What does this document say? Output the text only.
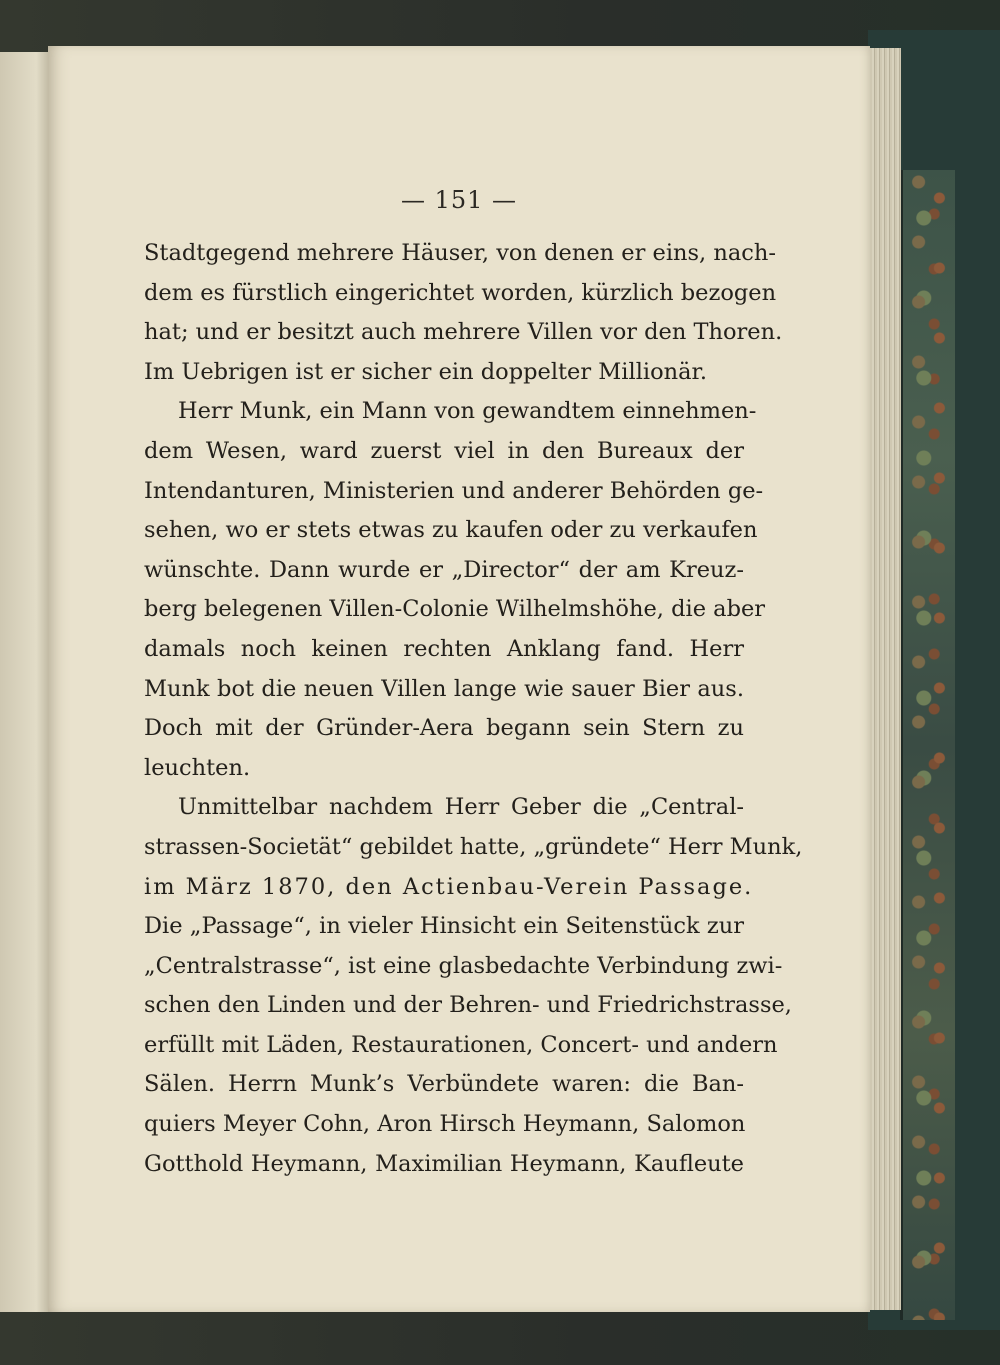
— 151 —
Stadtgegend mehrere Häuser, von denen er eins, nach-
dem es fürstlich eingerichtet worden, kürzlich bezogen
hat; und er besitzt auch mehrere Villen vor den Thoren.
Im Uebrigen ist er sicher ein doppelter Millionär.
Herr Munk, ein Mann von gewandtem einnehmen-
dem Wesen, ward zuerst viel in den Bureaux der
Intendanturen, Ministerien und anderer Behörden ge-
sehen, wo er stets etwas zu kaufen oder zu verkaufen
wünschte. Dann wurde er „Director“ der am Kreuz-
berg belegenen Villen-Colonie Wilhelmshöhe, die aber
damals noch keinen rechten Anklang fand. Herr
Munk bot die neuen Villen lange wie sauer Bier aus.
Doch mit der Gründer-Aera begann sein Stern zu
leuchten.
Unmittelbar nachdem Herr Geber die „Central-
strassen-Societät“ gebildet hatte, „gründete“ Herr Munk,
im März 1870, den Actienbau-Verein Passage.
Die „Passage“, in vieler Hinsicht ein Seitenstück zur
„Centralstrasse“, ist eine glasbedachte Verbindung zwi-
schen den Linden und der Behren- und Friedrichstrasse,
erfüllt mit Läden, Restaurationen, Concert- und andern
Sälen. Herrn Munk’s Verbündete waren: die Ban-
quiers Meyer Cohn, Aron Hirsch Heymann, Salomon
Gotthold Heymann, Maximilian Heymann, Kaufleute
